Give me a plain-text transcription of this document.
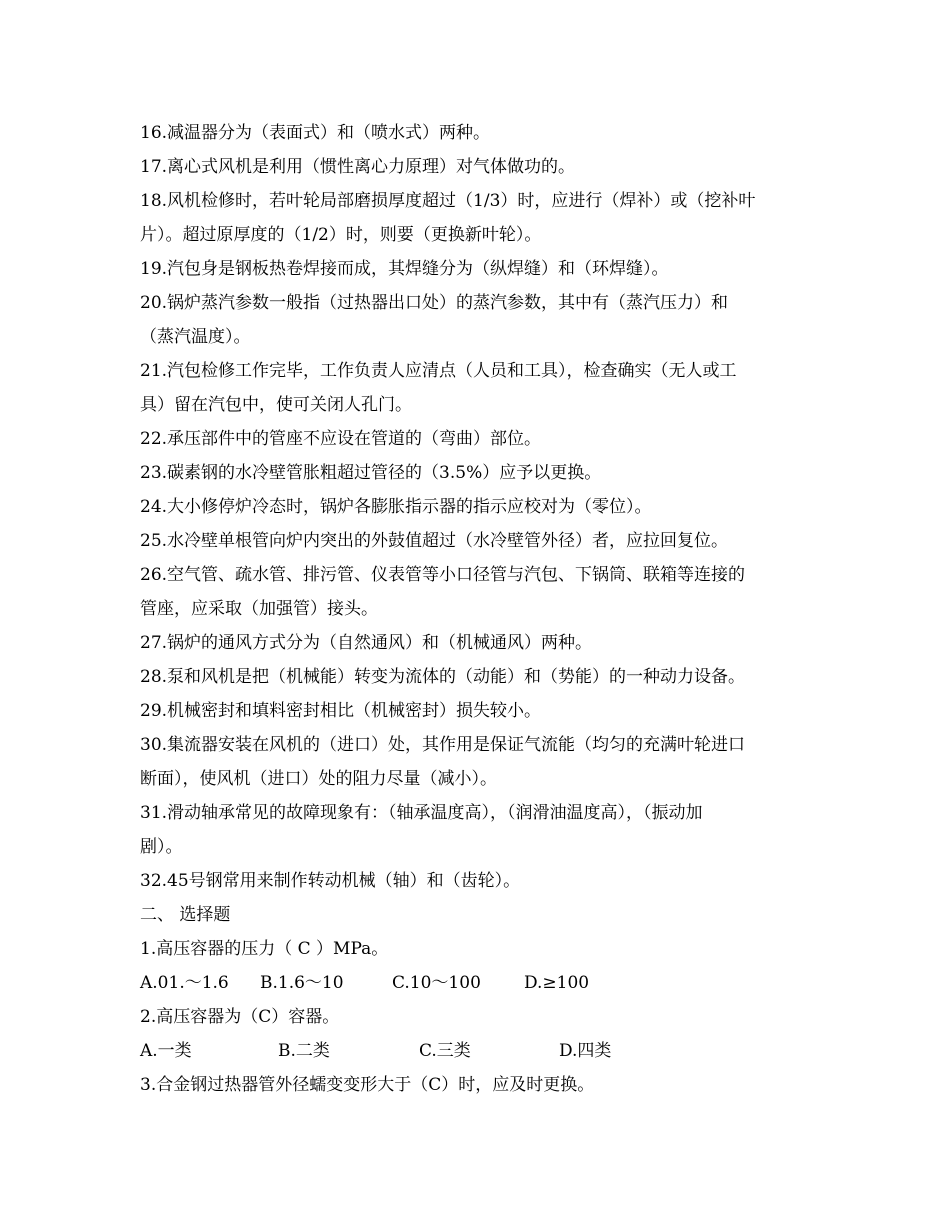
16.减温器分为（表面式）和（喷水式）两种。
17.离心式风机是利用（惯性离心力原理）对气体做功的。
18.风机检修时，若叶轮局部磨损厚度超过（1/3）时，应进行（焊补）或（挖补叶
片）。超过原厚度的（1/2）时，则要（更换新叶轮）。
19.汽包身是钢板热卷焊接而成，其焊缝分为（纵焊缝）和（环焊缝）。
20.锅炉蒸汽参数一般指（过热器出口处）的蒸汽参数，其中有（蒸汽压力）和
（蒸汽温度）。
21.汽包检修工作完毕，工作负责人应清点（人员和工具），检查确实（无人或工
具）留在汽包中，使可关闭人孔门。
22.承压部件中的管座不应设在管道的（弯曲）部位。
23.碳素钢的水冷壁管胀粗超过管径的（3.5%）应予以更换。
24.大小修停炉冷态时，锅炉各膨胀指示器的指示应校对为（零位）。
25.水冷壁单根管向炉内突出的外鼓值超过（水冷壁管外径）者，应拉回复位。
26.空气管、疏水管、排污管、仪表管等小口径管与汽包、下锅筒、联箱等连接的
管座，应采取（加强管）接头。
27.锅炉的通风方式分为（自然通风）和（机械通风）两种。
28.泵和风机是把（机械能）转变为流体的（动能）和（势能）的一种动力设备。
29.机械密封和填料密封相比（机械密封）损失较小。
30.集流器安装在风机的（进口）处，其作用是保证气流能（均匀的充满叶轮进口
断面），使风机（进口）处的阻力尽量（减小）。
31.滑动轴承常见的故障现象有：（轴承温度高），（润滑油温度高），（振动加
剧）。
32.45号钢常用来制作转动机械（轴）和（齿轮）。
二、 选择题
1.高压容器的压力（ C ）MPa。
A.01.～1.6 B.1.6～10	C.10～100	D.≥100
2.高压容器为（C）容器。
A.一类	B.二类	C.三类	D.四类
3.合金钢过热器管外径蠕变变形大于（C）时，应及时更换。
